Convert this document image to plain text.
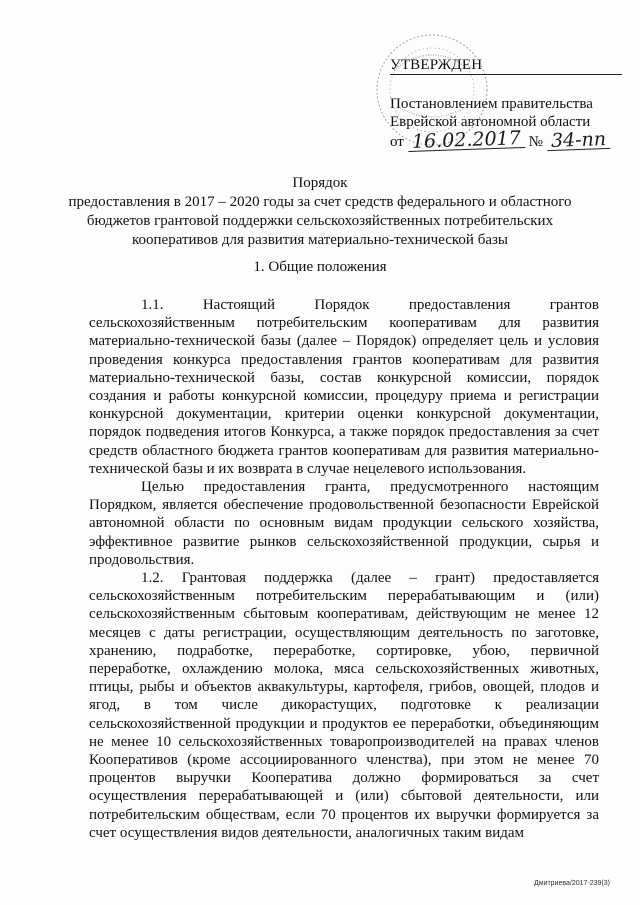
УТВЕРЖДЕН
Постановлением правительства
Еврейской автономной области
от 16.02.2017 № 34-пп
Порядок
предоставления в 2017 – 2020 годы за счет средств федерального и областного бюджетов грантовой поддержки сельскохозяйственных потребительских кооперативов для развития материально-технической базы
1. Общие положения

1.1. Настоящий Порядок предоставления грантов сельскохозяйственным потребительским кооперативам для развития материально-технической базы (далее – Порядок) определяет цель и условия проведения конкурса предоставления грантов кооперативам для развития материально-технической базы, состав конкурсной комиссии, порядок создания и работы конкурсной комиссии, процедуру приема и регистрации конкурсной документации, критерии оценки конкурсной документации, порядок подведения итогов Конкурса, а также порядок предоставления за счет средств областного бюджета грантов кооперативам для развития материально-технической базы и их возврата в случае нецелевого использования.

Целью предоставления гранта, предусмотренного настоящим Порядком, является обеспечение продовольственной безопасности Еврейской автономной области по основным видам продукции сельского хозяйства, эффективное развитие рынков сельскохозяйственной продукции, сырья и продовольствия.

1.2. Грантовая поддержка (далее – грант) предоставляется сельскохозяйственным потребительским перерабатывающим и (или) сельскохозяйственным сбытовым кооперативам, действующим не менее 12 месяцев с даты регистрации, осуществляющим деятельность по заготовке, хранению, подработке, переработке, сортировке, убою, первичной переработке, охлаждению молока, мяса сельскохозяйственных животных, птицы, рыбы и объектов аквакультуры, картофеля, грибов, овощей, плодов и ягод, в том числе дикорастущих, подготовке к реализации сельскохозяйственной продукции и продуктов ее переработки, объединяющим не менее 10 сельскохозяйственных товаропроизводителей на правах членов Кооперативов (кроме ассоциированного членства), при этом не менее 70 процентов выручки Кооператива должно формироваться за счет осуществления перерабатывающей и (или) сбытовой деятельности, или потребительским обществам, если 70 процентов их выручки формируется за счет осуществления видов деятельности, аналогичных таким видам

Дмитриева/2017-239(3)
